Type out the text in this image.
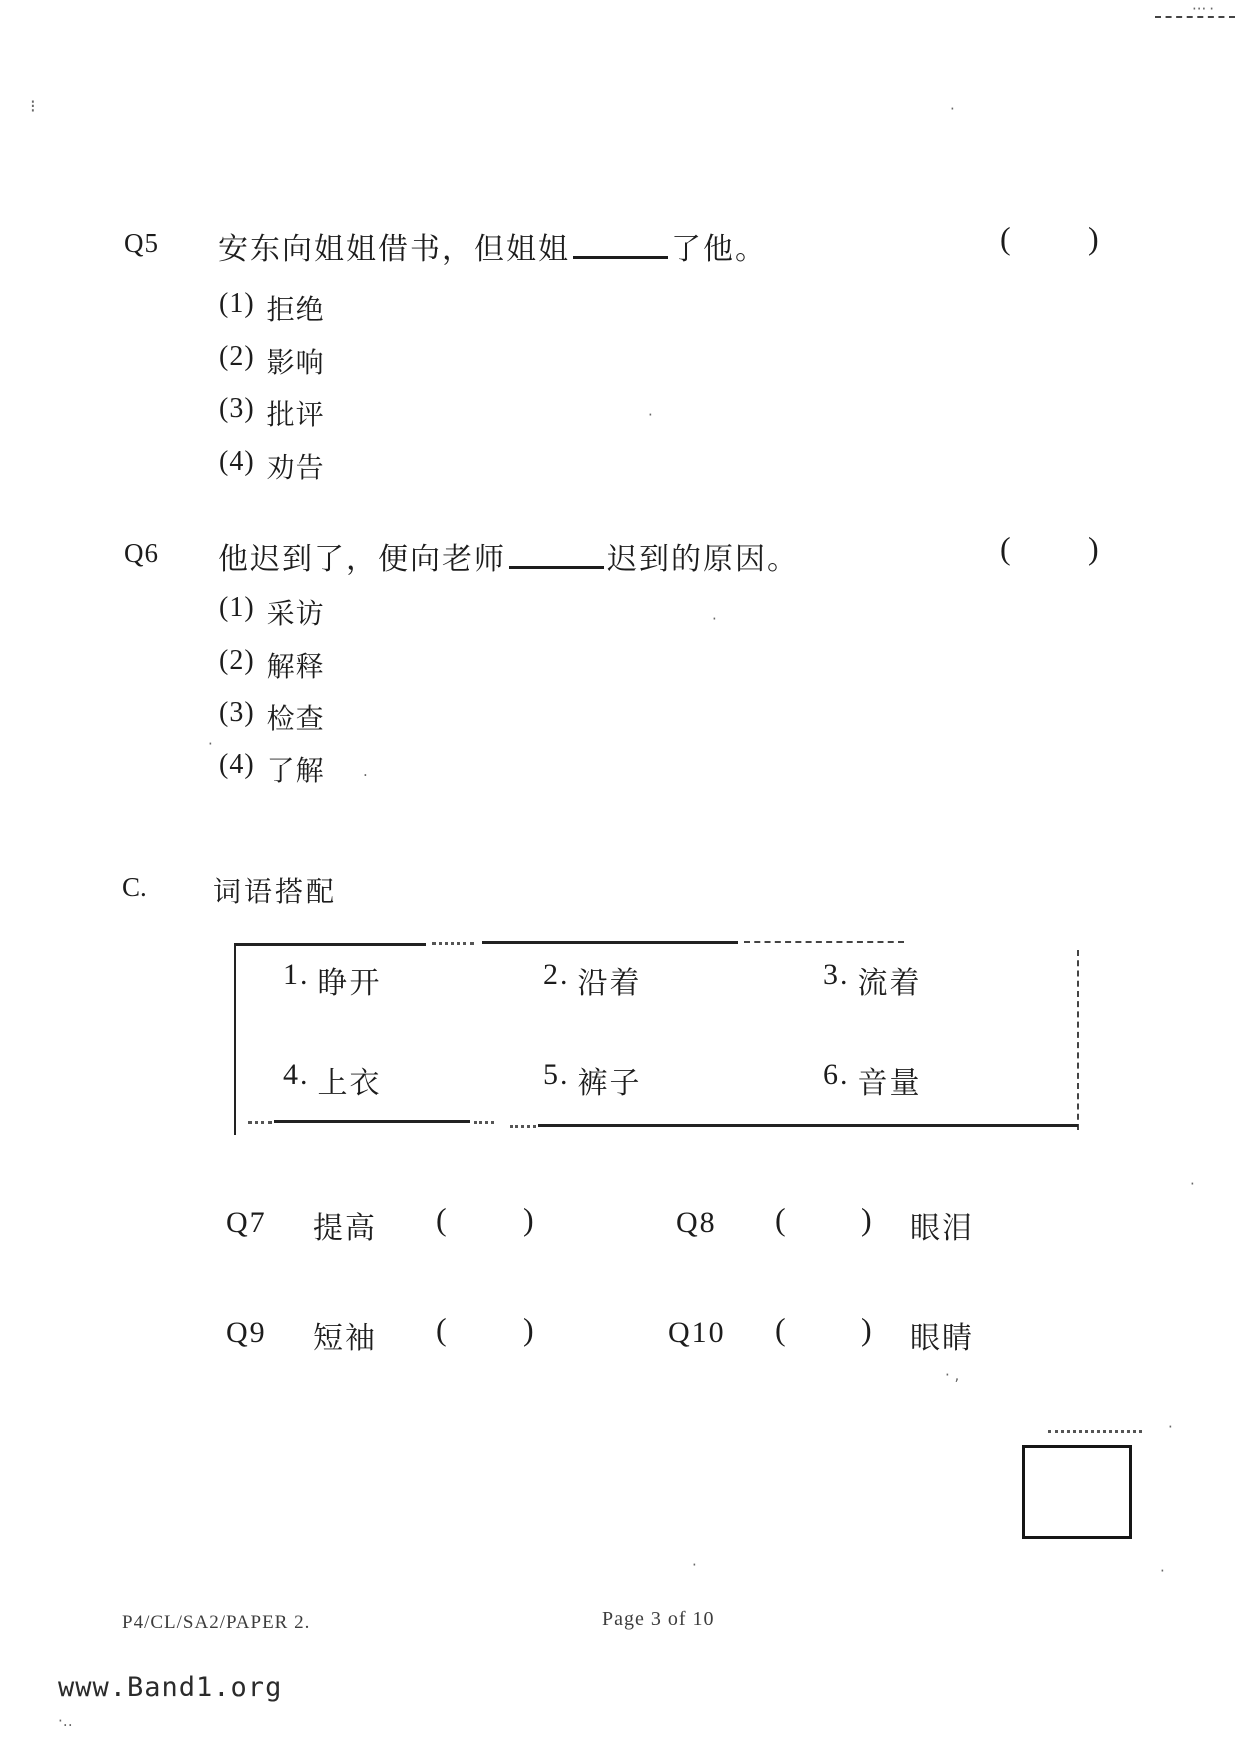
··· ·
⁝	·
·
·
·
.
·
· ,
·	·
·
·‥
Q5 安东向姐姐借书，但姐姐	了他。	( )
(1) 拒绝
(2) 影响
(3) 批评
(4) 劝告
Q6 他迟到了，便向老师	迟到的原因。	( )
(1) 采访
(2) 解释
(3) 检查
(4) 了解
C. 词语搭配
1. 睁开	2. 沿着	3. 流着
4. 上衣	5. 裤子	6. 音量
Q7 提高 ( )	Q8 ( ) 眼泪
Q9 短袖 ( )	Q10 ( ) 眼睛
P4/CL/SA2/PAPER 2.	Page 3 of 10
www.Band1.org
